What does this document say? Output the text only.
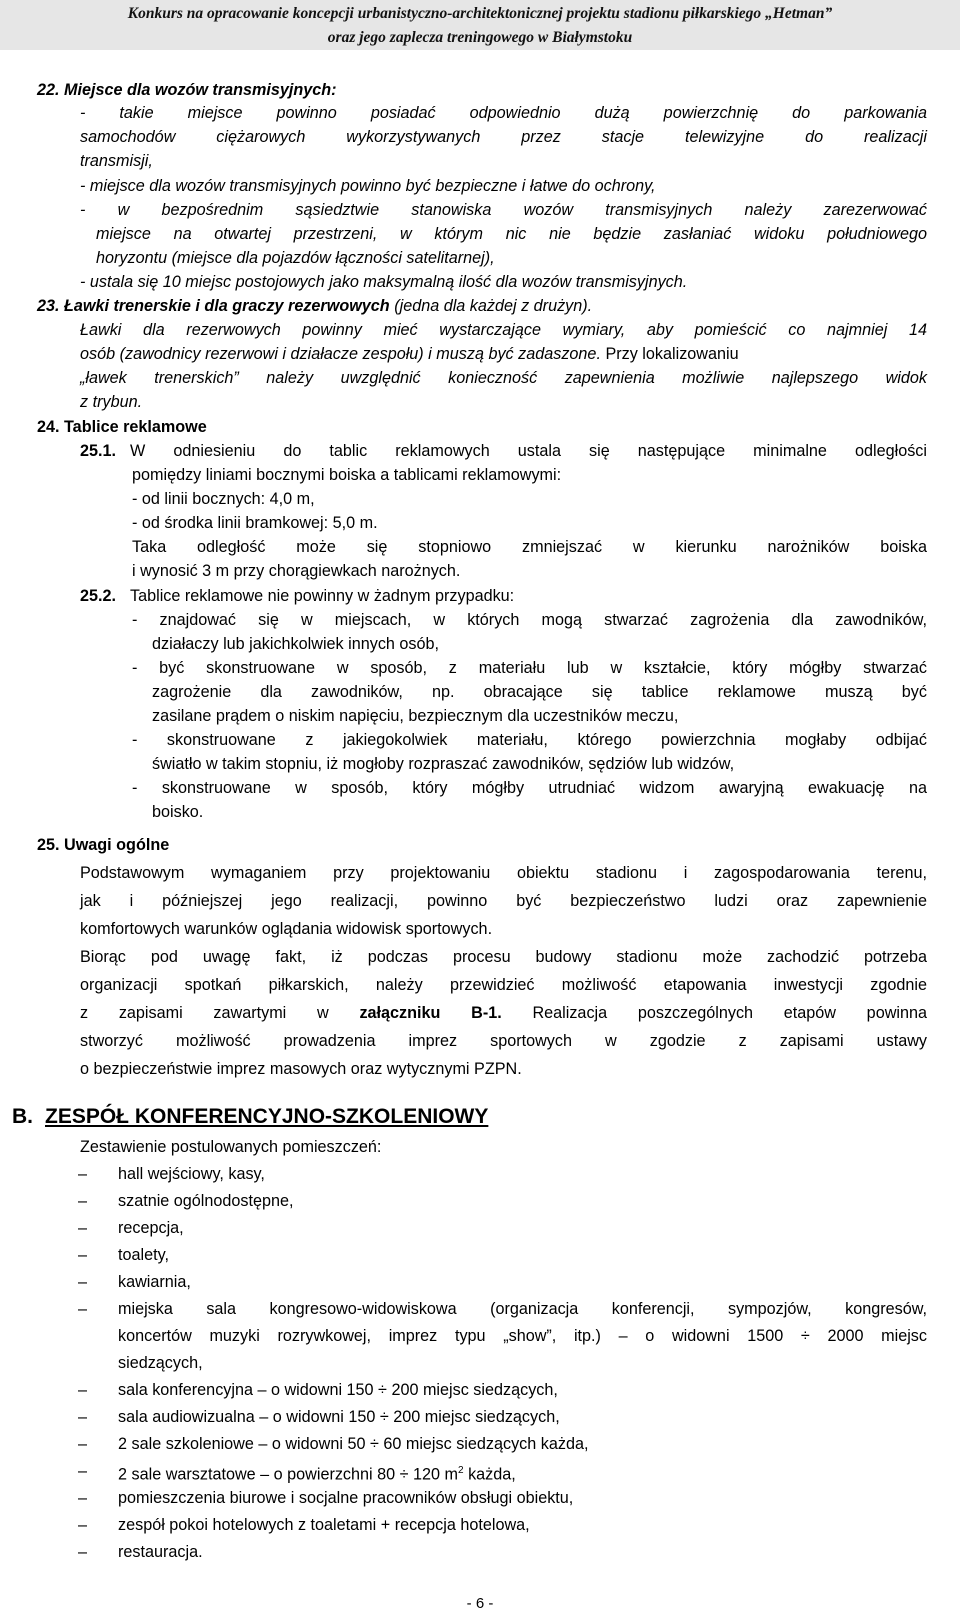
Konkurs na opracowanie koncepcji urbanistyczno-architektonicznej projektu stadionu piłkarskiego „Hetman”
oraz jego zaplecza treningowego w Białymstoku
22. Miejsce dla wozów transmisyjnych:
- takie miejsce powinno posiadać odpowiednio dużą powierzchnię do parkowania
samochodów ciężarowych wykorzystywanych przez stacje telewizyjne do realizacji
transmisji,
- miejsce dla wozów transmisyjnych powinno być bezpieczne i łatwe do ochrony,
- w bezpośrednim sąsiedztwie stanowiska wozów transmisyjnych należy zarezerwować
miejsce na otwartej przestrzeni, w którym nic nie będzie zasłaniać widoku południowego
horyzontu (miejsce dla pojazdów łączności satelitarnej),
- ustala się 10 miejsc postojowych jako maksymalną ilość dla wozów transmisyjnych.
23. Ławki trenerskie i dla graczy rezerwowych (jedna dla każdej z drużyn).
Ławki dla rezerwowych powinny mieć wystarczające wymiary, aby pomieścić co najmniej 14
osób (zawodnicy rezerwowi i działacze zespołu) i muszą być zadaszone. Przy lokalizowaniu
„ławek trenerskich” należy uwzględnić konieczność zapewnienia możliwie najlepszego widok
z trybun.
24. Tablice reklamowe
25.1. W odniesieniu do tablic reklamowych ustala się następujące minimalne odległości
pomiędzy liniami bocznymi boiska a tablicami reklamowymi:
- od linii bocznych: 4,0 m,
- od środka linii bramkowej: 5,0 m.
Taka odległość może się stopniowo zmniejszać w kierunku narożników boiska
i wynosić 3 m przy chorągiewkach narożnych.
25.2. Tablice reklamowe nie powinny w żadnym przypadku:
- znajdować się w miejscach, w których mogą stwarzać zagrożenia dla zawodników,
działaczy lub jakichkolwiek innych osób,
- być skonstruowane w sposób, z materiału lub w kształcie, który mógłby stwarzać
zagrożenie dla zawodników, np. obracające się tablice reklamowe muszą być
zasilane prądem o niskim napięciu, bezpiecznym dla uczestników meczu,
- skonstruowane z jakiegokolwiek materiału, którego powierzchnia mogłaby odbijać
światło w takim stopniu, iż mogłoby rozpraszać zawodników, sędziów lub widzów,
- skonstruowane w sposób, który mógłby utrudniać widzom awaryjną ewakuację na
boisko.
25. Uwagi ogólne
Podstawowym wymaganiem przy projektowaniu obiektu stadionu i zagospodarowania terenu,
jak i późniejszej jego realizacji, powinno być bezpieczeństwo ludzi oraz zapewnienie
komfortowych warunków oglądania widowisk sportowych.
Biorąc pod uwagę fakt, iż podczas procesu budowy stadionu może zachodzić potrzeba
organizacji spotkań piłkarskich, należy przewidzieć możliwość etapowania inwestycji zgodnie
z zapisami zawartymi w załączniku B-1. Realizacja poszczególnych etapów powinna
stworzyć możliwość prowadzenia imprez sportowych w zgodzie z zapisami ustawy
o bezpieczeństwie imprez masowych oraz wytycznymi PZPN.
B. ZESPÓŁ KONFERENCYJNO-SZKOLENIOWY
Zestawienie postulowanych pomieszczeń:
– hall wejściowy, kasy,
– szatnie ogólnodostępne,
– recepcja,
– toalety,
– kawiarnia,
– miejska sala kongresowo-widowiskowa (organizacja konferencji, sympozjów, kongresów,
koncertów muzyki rozrywkowej, imprez typu „show”, itp.) – o widowni 1500 ÷ 2000 miejsc
siedzących,
– sala konferencyjna – o widowni 150 ÷ 200 miejsc siedzących,
– sala audiowizualna – o widowni 150 ÷ 200 miejsc siedzących,
– 2 sale szkoleniowe – o widowni 50 ÷ 60 miejsc siedzących każda,
– 2 sale warsztatowe – o powierzchni 80 ÷ 120 $m^2$ każda,
– pomieszczenia biurowe i socjalne pracowników obsługi obiektu,
– zespół pokoi hotelowych z toaletami + recepcja hotelowa,
– restauracja.
- 6 -
